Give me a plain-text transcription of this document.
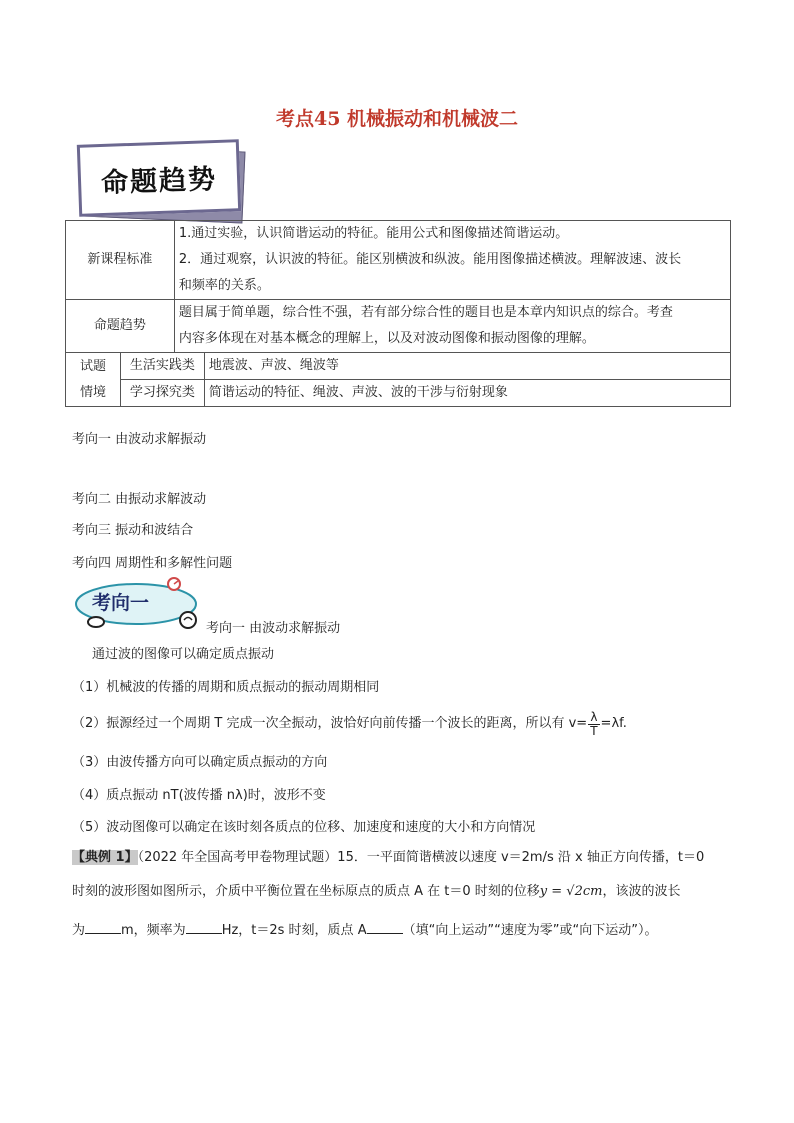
考点45 机械振动和机械波二
命题趋势
新课程标准		1.通过实验，认识简谐运动的特征。能用公式和图像描述简谐运动。
2．通过观察，认识波的特征。能区别横波和纵波。能用图像描述横波。理解波速、波长
和频率的关系。	

命题趋势		题目属于简单题，综合性不强，若有部分综合性的题目也是本章内知识点的综合。考查
内容多体现在对基本概念的理解上，以及对波动图像和振动图像的理解。	

试题
情境	生活实践类		地震波、声波、绳波等
	学习探究类		简谐运动的特征、绳波、声波、波的干涉与衍射现象
考向一 由波动求解振动
考向二 由振动求解波动
考向三 振动和波结合
考向四 周期性和多解性问题
考向一
考向一 由波动求解振动
通过波的图像可以确定质点振动
（1）机械波的传播的周期和质点振动的振动周期相同
（2）振源经过一个周期 T 完成一次全振动，波恰好向前传播一个波长的距离，所以有 $v= \frac{\lambda}{T} =\lambda f$.
（3）由波传播方向可以确定质点振动的方向
（4）质点振动 nT(波传播 nλ)时，波形不变
（5）波动图像可以确定在该时刻各质点的位移、加速度和速度的大小和方向情况
【典例 1】（2022 年全国高考甲卷物理试题）15．一平面简谐横波以速度 v＝2m/s 沿 x 轴正方向传播，t＝0
时刻的波形图如图所示，介质中平衡位置在坐标原点的质点 A 在 t＝0 时刻的位移y = √2cm，该波的波长
为	m，频率为	Hz，t＝2s 时刻，质点 A	（填“向上运动”“速度为零”或“向下运动”）。
